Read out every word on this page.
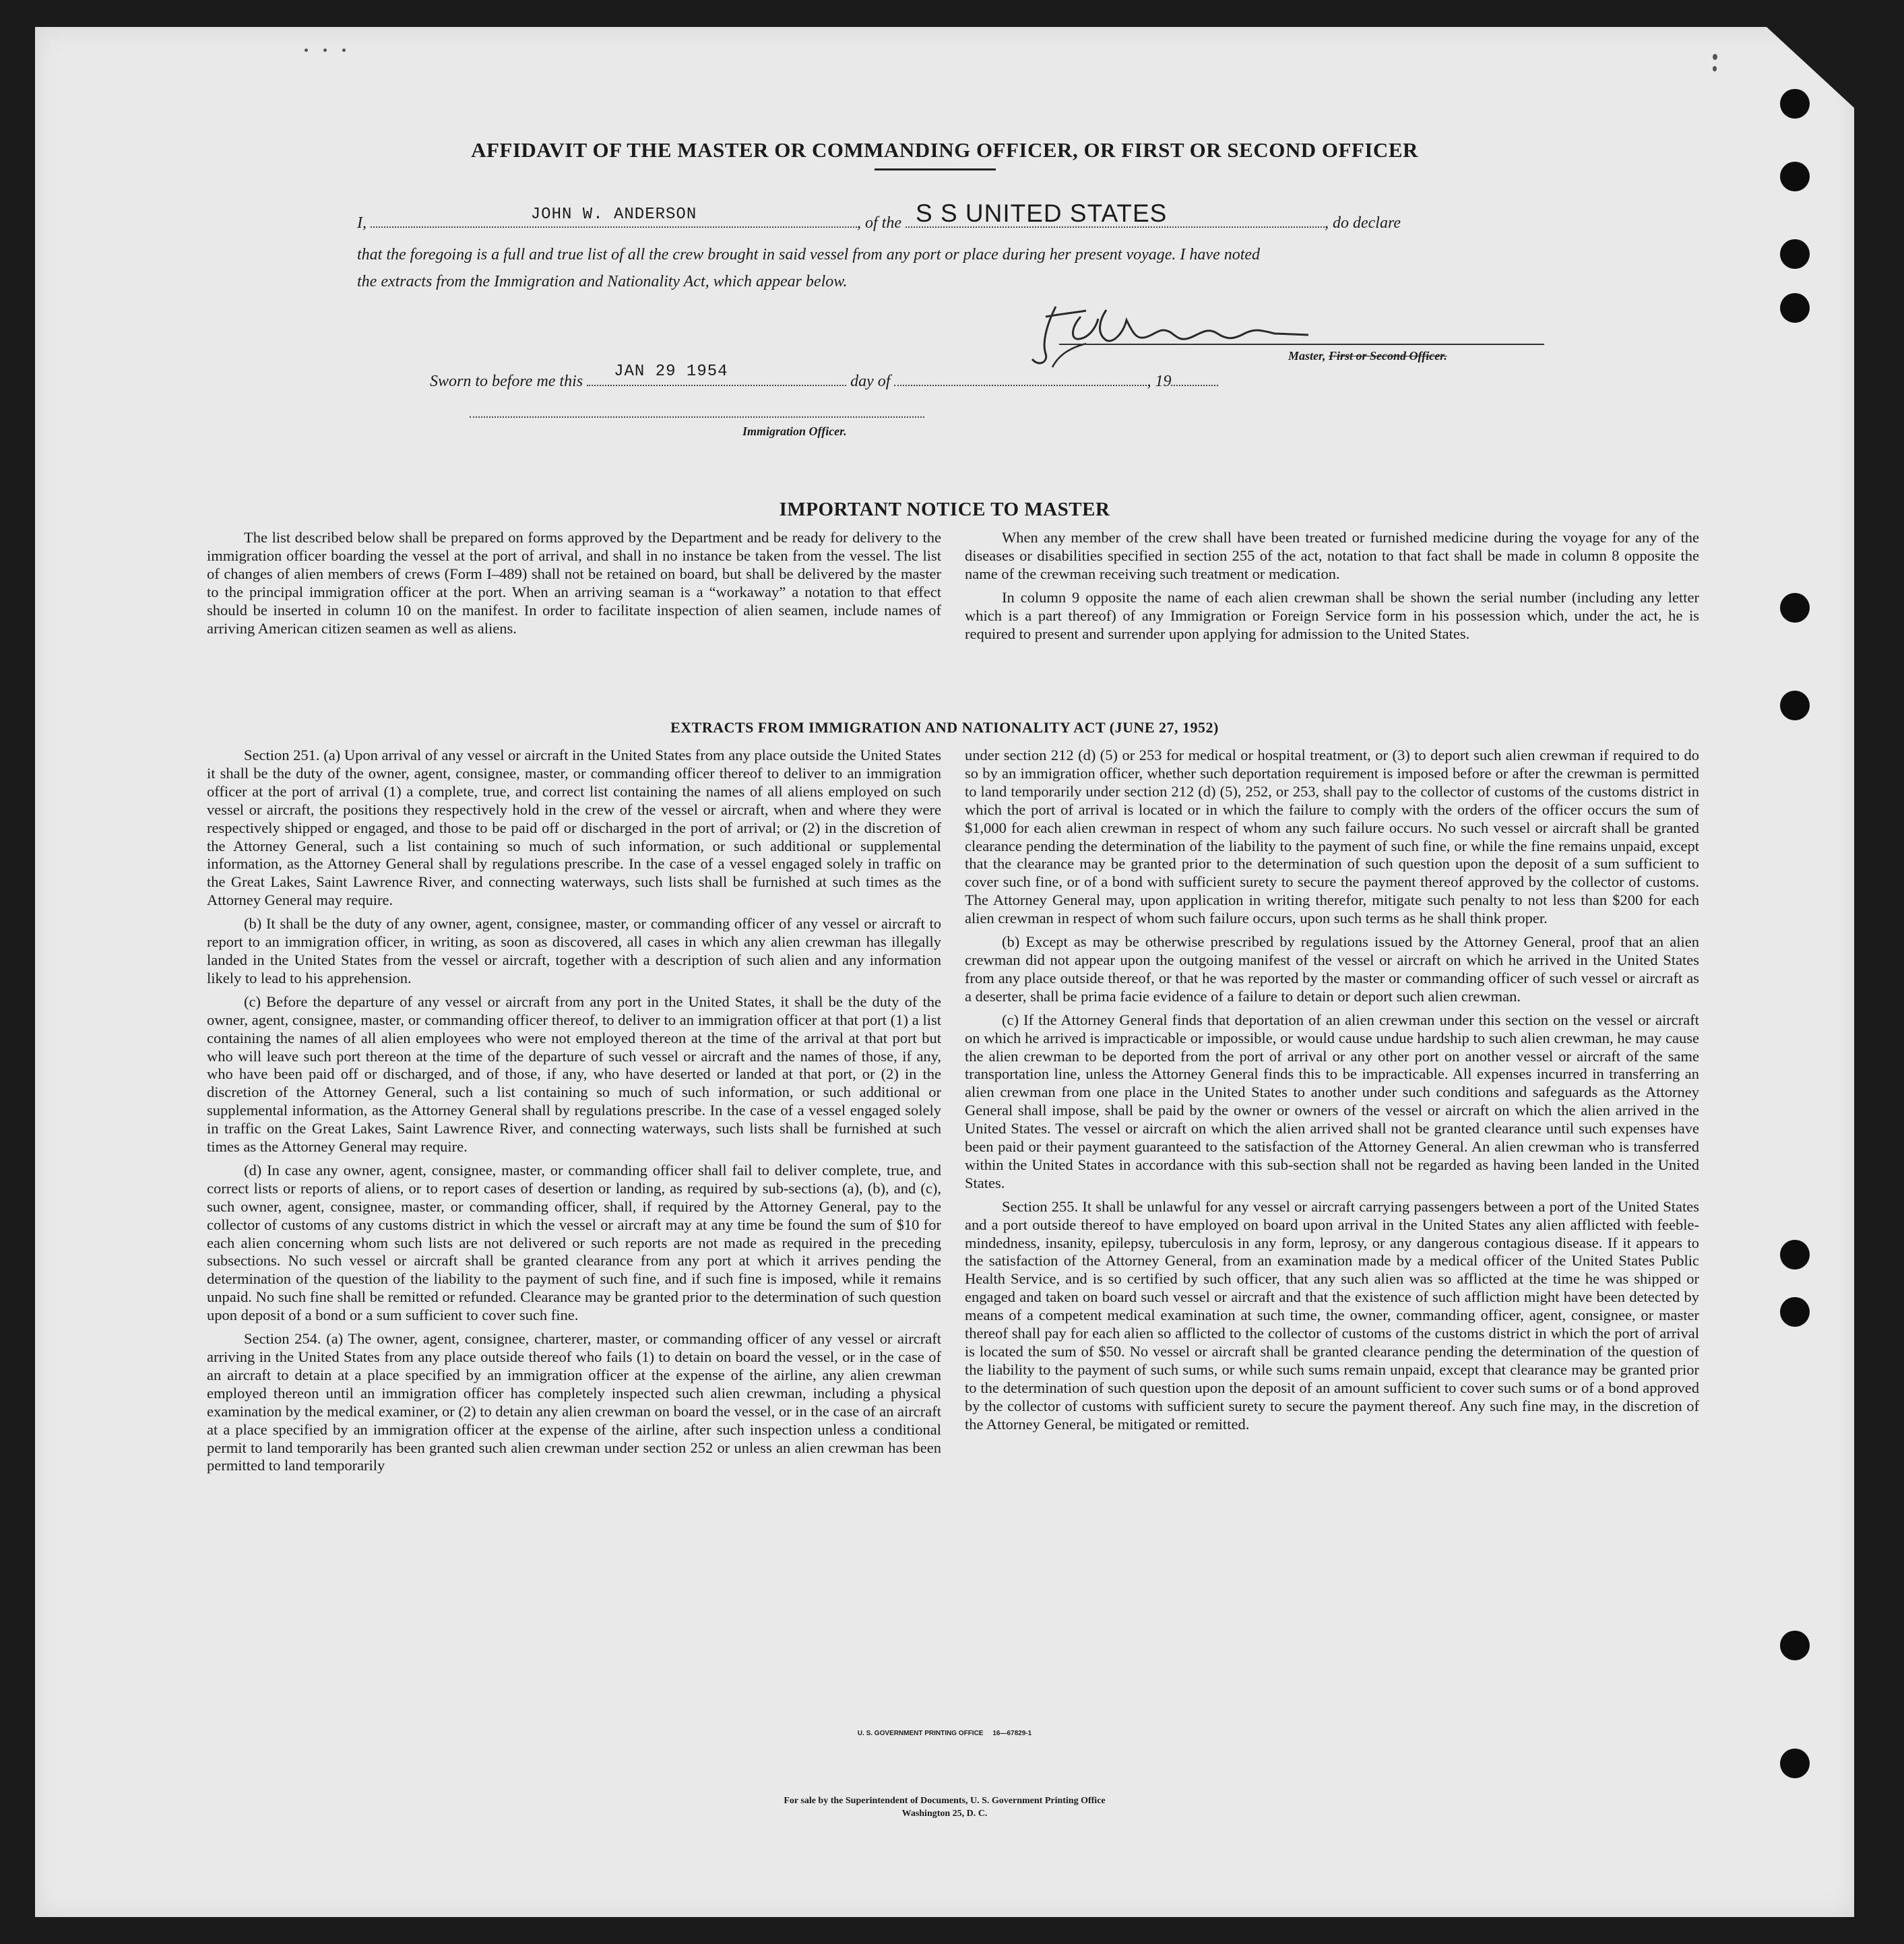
AFFIDAVIT OF THE MASTER OR COMMANDING OFFICER, OR FIRST OR SECOND OFFICER
I,	JOHN W. ANDERSON	, of the S S UNITED STATES	, do declare
that the foregoing is a full and true list of all the crew brought in said vessel from any port or place during her present voyage. I have noted
the extracts from the Immigration and Nationality Act, which appear below.
Master, First or Second Officer.
Sworn to before me this
JAN 29 1954
day of	, 19
Immigration Officer.
IMPORTANT NOTICE TO MASTER

The list described below shall be prepared on forms approved by the Department and be ready for delivery to the immigration officer boarding the vessel at the port of arrival, and shall in no instance be taken from the vessel. The list of changes of alien members of crews (Form I–489) shall not be retained on board, but shall be delivered by the master to the principal immigration officer at the port. When an arriving seaman is a “workaway” a notation to that effect should be inserted in column 10 on the manifest. In order to facilitate inspection of alien seamen, include names of arriving American citizen seamen as well as aliens.

When any member of the crew shall have been treated or furnished medicine during the voyage for any of the diseases or disabilities specified in section 255 of the act, notation to that fact shall be made in column 8 opposite the name of the crewman receiving such treatment or medication.

In column 9 opposite the name of each alien crewman shall be shown the serial number (including any letter which is a part thereof) of any Immigration or Foreign Service form in his possession which, under the act, he is required to present and surrender upon applying for admission to the United States.

EXTRACTS FROM IMMIGRATION AND NATIONALITY ACT (JUNE 27, 1952)

Section 251. (a) Upon arrival of any vessel or aircraft in the United States from any place outside the United States it shall be the duty of the owner, agent, consignee, master, or commanding officer thereof to deliver to an immigration officer at the port of arrival (1) a complete, true, and correct list containing the names of all aliens employed on such vessel or aircraft, the positions they respectively hold in the crew of the vessel or aircraft, when and where they were respectively shipped or engaged, and those to be paid off or discharged in the port of arrival; or (2) in the discretion of the Attorney General, such a list containing so much of such information, or such additional or supplemental information, as the Attorney General shall by regulations prescribe. In the case of a vessel engaged solely in traffic on the Great Lakes, Saint Lawrence River, and connecting waterways, such lists shall be furnished at such times as the Attorney General may require.

(b) It shall be the duty of any owner, agent, consignee, master, or commanding officer of any vessel or aircraft to report to an immigration officer, in writing, as soon as discovered, all cases in which any alien crewman has illegally landed in the United States from the vessel or aircraft, together with a description of such alien and any information likely to lead to his apprehension.

(c) Before the departure of any vessel or aircraft from any port in the United States, it shall be the duty of the owner, agent, consignee, master, or commanding officer thereof, to deliver to an immigration officer at that port (1) a list containing the names of all alien employees who were not employed thereon at the time of the arrival at that port but who will leave such port thereon at the time of the departure of such vessel or aircraft and the names of those, if any, who have been paid off or discharged, and of those, if any, who have deserted or landed at that port, or (2) in the discretion of the Attorney General, such a list containing so much of such information, or such additional or supplemental information, as the Attorney General shall by regulations prescribe. In the case of a vessel engaged solely in traffic on the Great Lakes, Saint Lawrence River, and connecting waterways, such lists shall be furnished at such times as the Attorney General may require.

(d) In case any owner, agent, consignee, master, or commanding officer shall fail to deliver complete, true, and correct lists or reports of aliens, or to report cases of desertion or landing, as required by sub-sections (a), (b), and (c), such owner, agent, consignee, master, or commanding officer, shall, if required by the Attorney General, pay to the collector of customs of any customs district in which the vessel or aircraft may at any time be found the sum of $10 for each alien concerning whom such lists are not delivered or such reports are not made as required in the preceding subsections. No such vessel or aircraft shall be granted clearance from any port at which it arrives pending the determination of the question of the liability to the payment of such fine, and if such fine is imposed, while it remains unpaid. No such fine shall be remitted or refunded. Clearance may be granted prior to the determination of such question upon deposit of a bond or a sum sufficient to cover such fine.

Section 254. (a) The owner, agent, consignee, charterer, master, or commanding officer of any vessel or aircraft arriving in the United States from any place outside thereof who fails (1) to detain on board the vessel, or in the case of an aircraft to detain at a place specified by an immigration officer at the expense of the airline, any alien crewman employed thereon until an immigration officer has completely inspected such alien crewman, including a physical examination by the medical examiner, or (2) to detain any alien crewman on board the vessel, or in the case of an aircraft at a place specified by an immigration officer at the expense of the airline, after such inspection unless a conditional permit to land temporarily has been granted such alien crewman under section 252 or unless an alien crewman has been permitted to land temporarily

under section 212 (d) (5) or 253 for medical or hospital treatment, or (3) to deport such alien crewman if required to do so by an immigration officer, whether such deportation requirement is imposed before or after the crewman is permitted to land temporarily under section 212 (d) (5), 252, or 253, shall pay to the collector of customs of the customs district in which the port of arrival is located or in which the failure to comply with the orders of the officer occurs the sum of $1,000 for each alien crewman in respect of whom any such failure occurs. No such vessel or aircraft shall be granted clearance pending the determination of the liability to the payment of such fine, or while the fine remains unpaid, except that the clearance may be granted prior to the determination of such question upon the deposit of a sum sufficient to cover such fine, or of a bond with sufficient surety to secure the payment thereof approved by the collector of customs. The Attorney General may, upon application in writing therefor, mitigate such penalty to not less than $200 for each alien crewman in respect of whom such failure occurs, upon such terms as he shall think proper.

(b) Except as may be otherwise prescribed by regulations issued by the Attorney General, proof that an alien crewman did not appear upon the outgoing manifest of the vessel or aircraft on which he arrived in the United States from any place outside thereof, or that he was reported by the master or commanding officer of such vessel or aircraft as a deserter, shall be prima facie evidence of a failure to detain or deport such alien crewman.

(c) If the Attorney General finds that deportation of an alien crewman under this section on the vessel or aircraft on which he arrived is impracticable or impossible, or would cause undue hardship to such alien crewman, he may cause the alien crewman to be deported from the port of arrival or any other port on another vessel or aircraft of the same transportation line, unless the Attorney General finds this to be impracticable. All expenses incurred in transferring an alien crewman from one place in the United States to another under such conditions and safeguards as the Attorney General shall impose, shall be paid by the owner or owners of the vessel or aircraft on which the alien arrived in the United States. The vessel or aircraft on which the alien arrived shall not be granted clearance until such expenses have been paid or their payment guaranteed to the satisfaction of the Attorney General. An alien crewman who is transferred within the United States in accordance with this sub-section shall not be regarded as having been landed in the United States.

Section 255. It shall be unlawful for any vessel or aircraft carrying passengers between a port of the United States and a port outside thereof to have employed on board upon arrival in the United States any alien afflicted with feeble-mindedness, insanity, epilepsy, tuberculosis in any form, leprosy, or any dangerous contagious disease. If it appears to the satisfaction of the Attorney General, from an examination made by a medical officer of the United States Public Health Service, and is so certified by such officer, that any such alien was so afflicted at the time he was shipped or engaged and taken on board such vessel or aircraft and that the existence of such affliction might have been detected by means of a competent medical examination at such time, the owner, commanding officer, agent, consignee, or master thereof shall pay for each alien so afflicted to the collector of customs of the customs district in which the port of arrival is located the sum of $50. No vessel or aircraft shall be granted clearance pending the determination of the question of the liability to the payment of such sums, or while such sums remain unpaid, except that clearance may be granted prior to the determination of such question upon the deposit of an amount sufficient to cover such sums or of a bond approved by the collector of customs with sufficient surety to secure the payment thereof. Any such fine may, in the discretion of the Attorney General, be mitigated or remitted.

U. S. GOVERNMENT PRINTING OFFICE     16—67829-1
For sale by the Superintendent of Documents, U. S. Government Printing Office
Washington 25, D. C.
